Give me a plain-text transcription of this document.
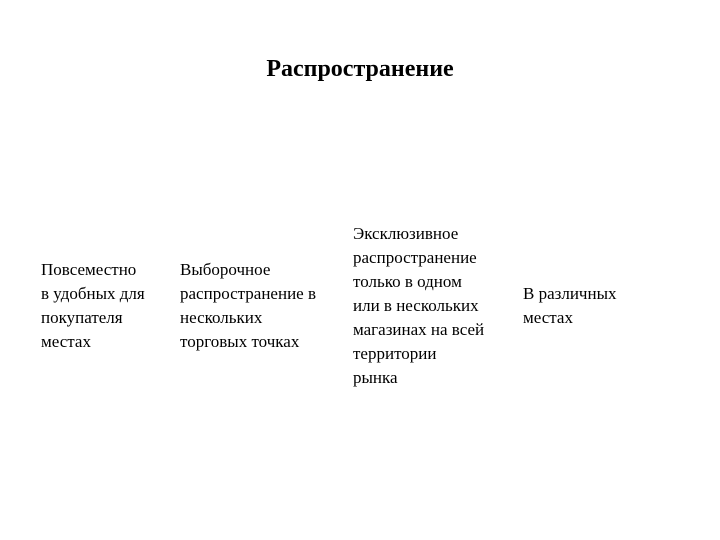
Распространение
Повсеместно
в удобных для
покупателя
местах
Выборочное
распространение в
нескольких
торговых точках
Эксклюзивное
распространение
только в одном
или в нескольких
магазинах на всей
территории
рынка
В различных
местах
